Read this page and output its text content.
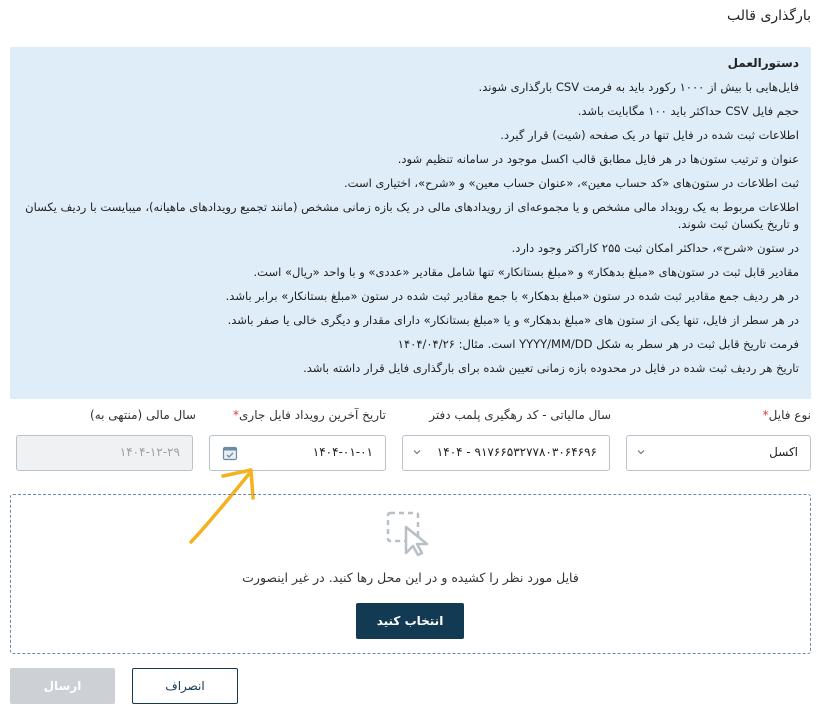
بارگذاری قالب
دستورالعمل
فایل‌هایی با بیش از ۱۰۰۰ رکورد باید به فرمت CSV بارگذاری شوند.
حجم فایل CSV حداکثر باید ۱۰۰ مگابایت باشد.
اطلاعات ثبت شده در فایل تنها در یک صفحه (شیت) قرار گیرد.
عنوان و ترتیب ستون‌ها در هر فایل مطابق قالب اکسل موجود در سامانه تنظیم شود.
ثبت اطلاعات در ستون‌های «کد حساب معین»، «عنوان حساب معین» و «شرح»، اختیاری است.
اطلاعات مربوط به یک رویداد مالی مشخص و یا مجموعه‌ای از رویدادهای مالی در یک بازه زمانی مشخص (مانند تجمیع رویدادهای ماهیانه)، میبایست با ردیف یکسان و تاریخ یکسان ثبت شوند.
در ستون «شرح»، حداکثر امکان ثبت ۲۵۵ کاراکتر وجود دارد.
مقادیر قابل ثبت در ستون‌های «مبلغ بدهکار» و «مبلغ بستانکار» تنها شامل مقادیر «عددی» و با واحد «ریال» است.
در هر ردیف جمع مقادیر ثبت شده در ستون «مبلغ بدهکار» با جمع مقادیر ثبت شده در ستون «مبلغ بستانکار» برابر باشد.
در هر سطر از فایل، تنها یکی از ستون های «مبلغ بدهکار» و یا «مبلغ بستانکار» دارای مقدار و دیگری خالی یا صفر باشد.
فرمت تاریخ قابل ثبت در هر سطر به شکل YYYY/MM/DD است. مثال: ۱۴۰۴/۰۴/۲۶
تاریخ هر ردیف ثبت شده در فایل در محدوده بازه زمانی تعیین شده برای بارگذاری فایل قرار داشته باشد.
نوع فایل*
سال مالیاتی - کد رهگیری پلمب دفتر
تاریخ آخرین رویداد فایل جاری*
سال مالی (منتهی به)
اکسل
۱۴۰۴ - ۹۱۷۶۶۵۳۲۷۷۸۰۳۰۶۴۶۹۶
۱۴۰۴-۰۱-۰۱
۱۴۰۴-۱۲-۲۹
فایل مورد نظر را کشیده و در این محل رها کنید. در غیر اینصورت
انتخاب کنید
انصراف
ارسال
